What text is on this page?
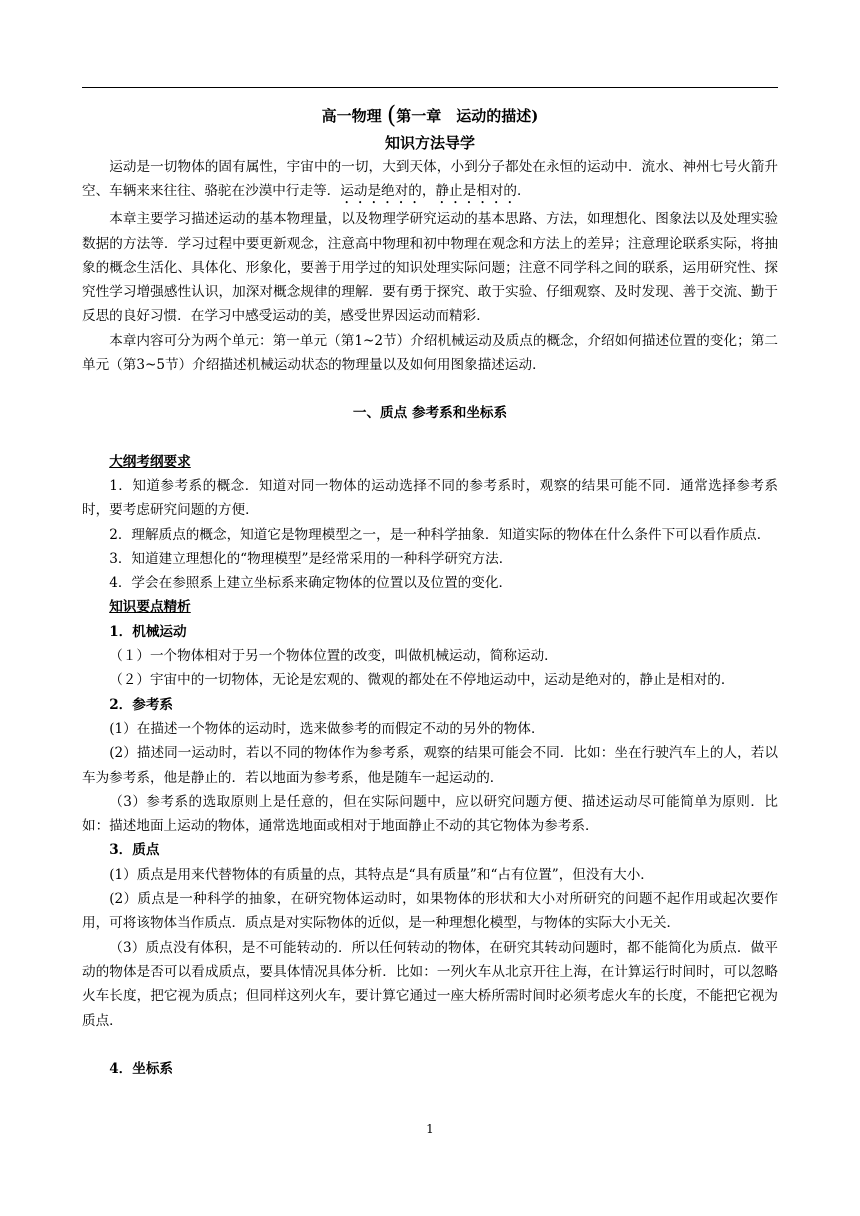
高一物理 (第一章　运动的描述)
知识方法导学

运动是一切物体的固有属性，宇宙中的一切，大到天体，小到分子都处在永恒的运动中．流水、神州七号火箭升空、车辆来来往往、骆驼在沙漠中行走等．运动是绝对的，静止是相对的．

本章主要学习描述运动的基本物理量，以及物理学研究运动的基本思路、方法，如理想化、图象法以及处理实验数据的方法等．学习过程中要更新观念，注意高中物理和初中物理在观念和方法上的差异；注意理论联系实际，将抽象的概念生活化、具体化、形象化，要善于用学过的知识处理实际问题；注意不同学科之间的联系，运用研究性、探究性学习增强感性认识，加深对概念规律的理解．要有勇于探究、敢于实验、仔细观察、及时发现、善于交流、勤于反思的良好习惯．在学习中感受运动的美，感受世界因运动而精彩．

本章内容可分为两个单元：第一单元（第1~2节）介绍机械运动及质点的概念，介绍如何描述位置的变化；第二单元（第3~5节）介绍描述机械运动状态的物理量以及如何用图象描述运动．

一、质点 参考系和坐标系
大纲考纲要求

1．知道参考系的概念．知道对同一物体的运动选择不同的参考系时，观察的结果可能不同．通常选择参考系时，要考虑研究问题的方便．

2．理解质点的概念，知道它是物理模型之一，是一种科学抽象．知道实际的物体在什么条件下可以看作质点．

3．知道建立理想化的“物理模型”是经常采用的一种科学研究方法．

4．学会在参照系上建立坐标系来确定物体的位置以及位置的变化．

知识要点精析
1．机械运动

（１）一个物体相对于另一个物体位置的改变，叫做机械运动，简称运动．

（２）宇宙中的一切物体，无论是宏观的、微观的都处在不停地运动中，运动是绝对的，静止是相对的．

2．参考系

(1）在描述一个物体的运动时，选来做参考的而假定不动的另外的物体．

(2）描述同一运动时，若以不同的物体作为参考系，观察的结果可能会不同．比如：坐在行驶汽车上的人，若以车为参考系，他是静止的．若以地面为参考系，他是随车一起运动的．

（3）参考系的选取原则上是任意的，但在实际问题中，应以研究问题方便、描述运动尽可能简单为原则．比如：描述地面上运动的物体，通常选地面或相对于地面静止不动的其它物体为参考系．

3．质点

(1）质点是用来代替物体的有质量的点，其特点是“具有质量”和“占有位置”，但没有大小．

(2）质点是一种科学的抽象，在研究物体运动时，如果物体的形状和大小对所研究的问题不起作用或起次要作用，可将该物体当作质点．质点是对实际物体的近似，是一种理想化模型，与物体的实际大小无关．

（3）质点没有体积，是不可能转动的．所以任何转动的物体，在研究其转动问题时，都不能简化为质点．做平动的物体是否可以看成质点，要具体情况具体分析．比如：一列火车从北京开往上海，在计算运行时间时，可以忽略火车长度，把它视为质点；但同样这列火车，要计算它通过一座大桥所需时间时必须考虑火车的长度，不能把它视为质点．

4．坐标系
1
